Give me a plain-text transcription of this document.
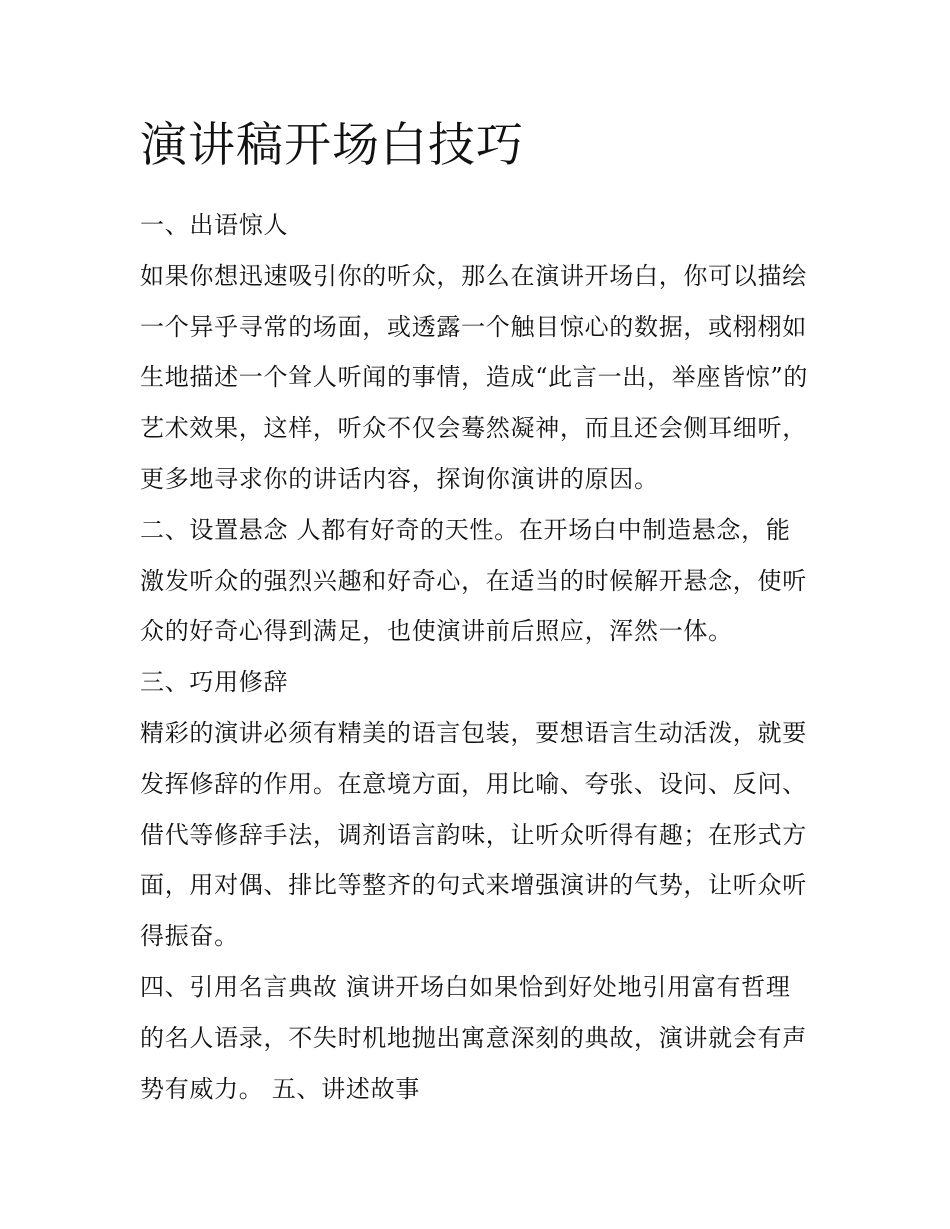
演讲稿开场白技巧
一、出语惊人
如果你想迅速吸引你的听众，那么在演讲开场白，你可以描绘
一个异乎寻常的场面，或透露一个触目惊心的数据，或栩栩如
生地描述一个耸人听闻的事情，造成“此言一出，举座皆惊”的
艺术效果，这样，听众不仅会蓦然凝神，而且还会侧耳细听，
更多地寻求你的讲话内容，探询你演讲的原因。
二、设置悬念 人都有好奇的天性。在开场白中制造悬念，能
激发听众的强烈兴趣和好奇心，在适当的时候解开悬念，使听
众的好奇心得到满足，也使演讲前后照应，浑然一体。
三、巧用修辞
精彩的演讲必须有精美的语言包装，要想语言生动活泼，就要
发挥修辞的作用。在意境方面，用比喻、夸张、设问、反问、
借代等修辞手法，调剂语言韵味，让听众听得有趣；在形式方
面，用对偶、排比等整齐的句式来增强演讲的气势，让听众听
得振奋。
四、引用名言典故 演讲开场白如果恰到好处地引用富有哲理
的名人语录，不失时机地抛出寓意深刻的典故，演讲就会有声
势有威力。 五、讲述故事
